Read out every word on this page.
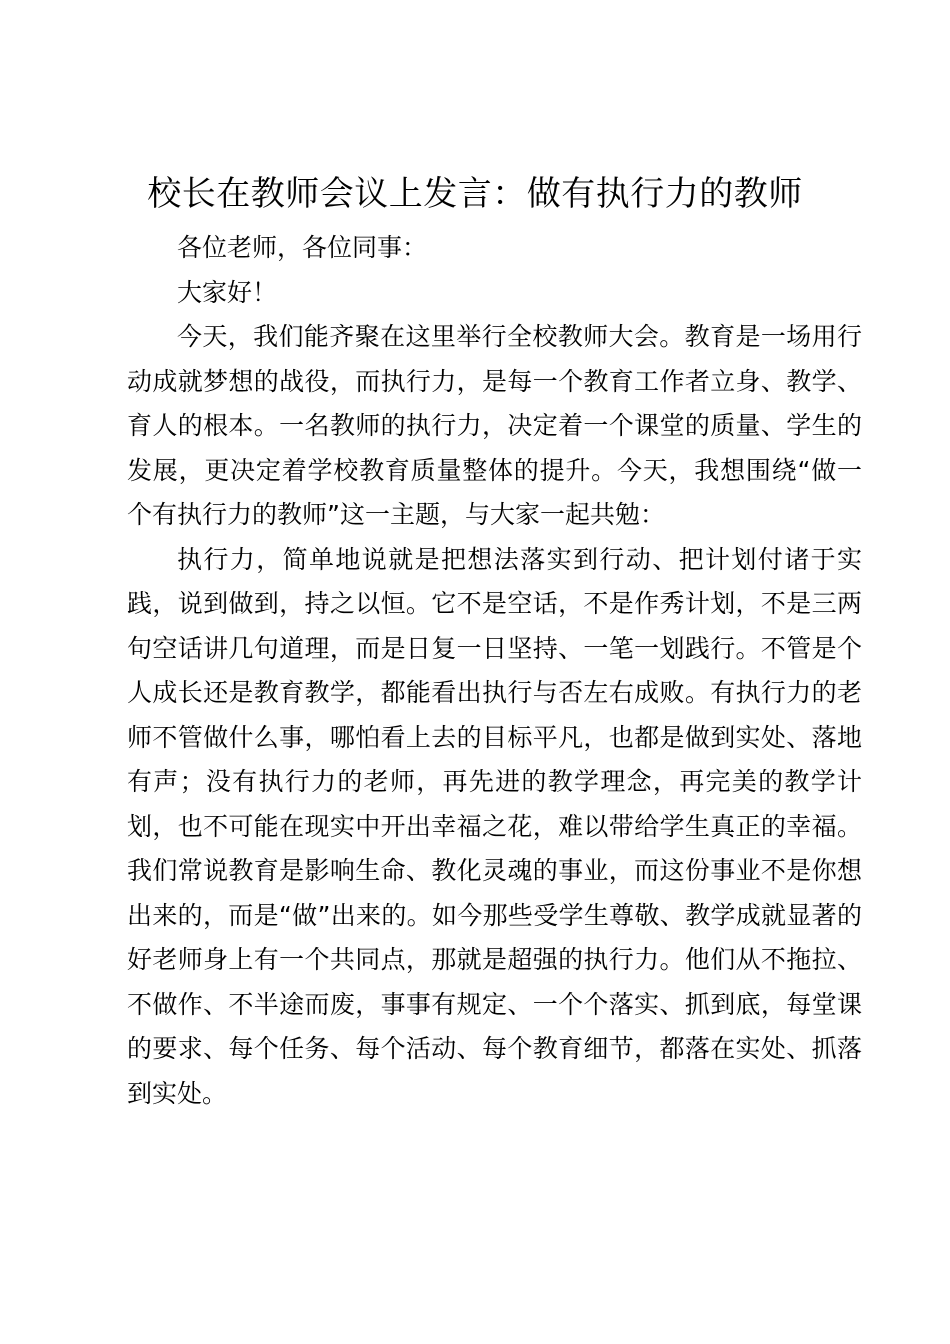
校长在教师会议上发言：做有执行力的教师

各位老师，各位同事：

大家好！

今天，我们能齐聚在这里举行全校教师大会。教育是一场用行动成就梦想的战役，而执行力，是每一个教育工作者立身、教学、育人的根本。一名教师的执行力，决定着一个课堂的质量、学生的发展，更决定着学校教育质量整体的提升。今天，我想围绕“做一个有执行力的教师”这一主题，与大家一起共勉：

执行力，简单地说就是把想法落实到行动、把计划付诸于实践，说到做到，持之以恒。它不是空话，不是作秀计划，不是三两句空话讲几句道理，而是日复一日坚持、一笔一划践行。不管是个人成长还是教育教学，都能看出执行与否左右成败。有执行力的老师不管做什么事，哪怕看上去的目标平凡，也都是做到实处、落地有声；没有执行力的老师，再先进的教学理念，再完美的教学计划，也不可能在现实中开出幸福之花，难以带给学生真正的幸福。我们常说教育是影响生命、教化灵魂的事业，而这份事业不是你想出来的，而是“做”出来的。如今那些受学生尊敬、教学成就显著的好老师身上有一个共同点，那就是超强的执行力。他们从不拖拉、不做作、不半途而废，事事有规定、一个个落实、抓到底，每堂课的要求、每个任务、每个活动、每个教育细节，都落在实处、抓落到实处。
